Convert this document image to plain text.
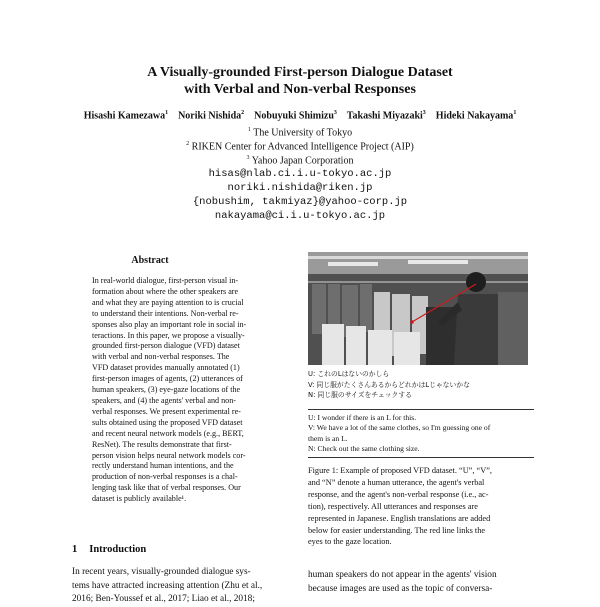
A Visually-grounded First-person Dialogue Dataset
with Verbal and Non-verbal Responses
Hisashi Kamezawa$^1$ Noriki Nishida$^2$ Nobuyuki Shimizu$^3$ Takashi Miyazaki$^3$ Hideki Nakayama$^1$
$^1$ The University of Tokyo
$^2$ RIKEN Center for Advanced Intelligence Project (AIP)
$^3$ Yahoo Japan Corporation
hisas@nlab.ci.i.u-tokyo.ac.jp
noriki.nishida@riken.jp
{nobushim, takmiyaz}@yahoo-corp.jp
nakayama@ci.i.u-tokyo.ac.jp
Abstract
In real-world dialogue, first-person visual in-
formation about where the other speakers are
and what they are paying attention to is crucial
to understand their intentions. Non-verbal re-
sponses also play an important role in social in-
teractions. In this paper, we propose a visually-
grounded first-person dialogue (VFD) dataset
with verbal and non-verbal responses. The
VFD dataset provides manually annotated (1)
first-person images of agents, (2) utterances of
human speakers, (3) eye-gaze locations of the
speakers, and (4) the agents' verbal and non-
verbal responses. We present experimental re-
sults obtained using the proposed VFD dataset
and recent neural network models (e.g., BERT,
ResNet). The results demonstrate that first-
person vision helps neural network models cor-
rectly understand human intentions, and the
production of non-verbal responses is a chal-
lenging task like that of verbal responses. Our
dataset is publicly available¹.
1 Introduction
In recent years, visually-grounded dialogue sys-
tems have attracted increasing attention (Zhu et al.,
2016; Ben-Youssef et al., 2017; Liao et al., 2018;
U: これのLはないのかしら
V: 同じ服がたくさんあるからどれかはLじゃないかな
N: 同じ服のサイズをチェックする
U: I wonder if there is an L for this.
V: We have a lot of the same clothes, so I'm guessing one of
them is an L.
N: Check out the same clothing size.
Figure 1: Example of proposed VFD dataset. “U”, “V”,
and “N” denote a human utterance, the agent's verbal
response, and the agent's non-verbal response (i.e., ac-
tion), respectively. All utterances and responses are
represented in Japanese. English translations are added
below for easier understanding. The red line links the
eyes to the gaze location.
human speakers do not appear in the agents' vision
because images are used as the topic of conversa-
